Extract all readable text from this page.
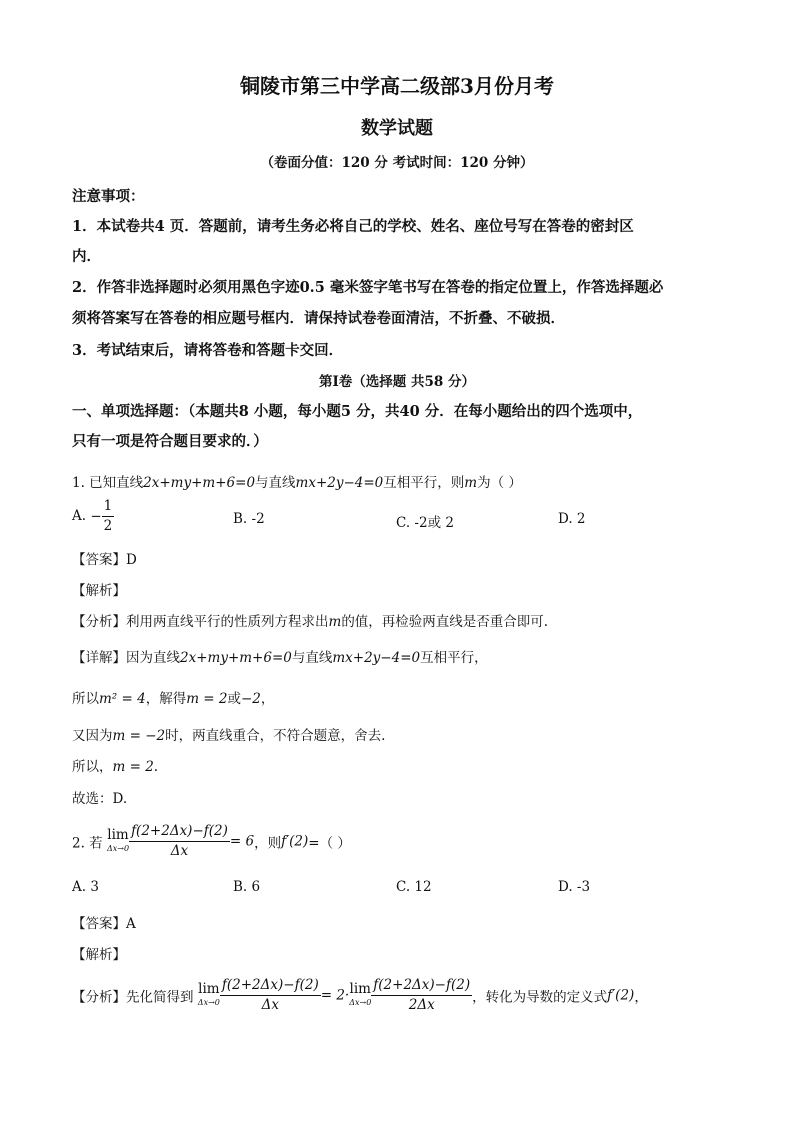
铜陵市第三中学高二级部3月份月考
数学试题
（卷面分值：120 分 考试时间：120 分钟）
注意事项：
1．本试卷共4 页．答题前，请考生务必将自己的学校、姓名、座位号写在答卷的密封区
内．
2．作答非选择题时必须用黑色字迹0.5 毫米签字笔书写在答卷的指定位置上，作答选择题必
须将答案写在答卷的相应题号框内．请保持试卷卷面清洁，不折叠、不破损．
3．考试结束后，请将答卷和答题卡交回．
第Ⅰ卷（选择题 共58 分）
一、单项选择题：（本题共8 小题，每小题5 分，共40 分．在每小题给出的四个选项中，
只有一项是符合题目要求的．）
1. 已知直线2x+my+m+6=0与直线mx+2y−4=0互相平行，则m为（ ）
A. − $\frac{1}{2}$	B. -2	C. -2或 2	D. 2
【答案】D
【解析】
【分析】利用两直线平行的性质列方程求出m的值，再检验两直线是否重合即可.
【详解】因为直线2x+my+m+6=0与直线mx+2y−4=0互相平行，
所以m² = 4，解得m = 2或−2，
又因为m = −2时，两直线重合，不符合题意，舍去.
所以，m = 2.
故选：D.
2. 若 lim
$\Delta x\to 0 \frac{f(2+2\Delta x)-f(2)}{\Delta x} = 6$，则f′(2)=（ ）
A. 3	B. 6	C. 12	D. -3
【答案】A
【解析】
【分析】先化简得到 lim
$\Delta x\to 0 \frac{f(2+2\Delta x)-f(2)}{\Delta x} = 2\cdot\lim$
$\Delta x\to 0 \frac{f(2+2\Delta x)-f(2)}{2\Delta x}$ ，转化为导数的定义式f′(2)，
